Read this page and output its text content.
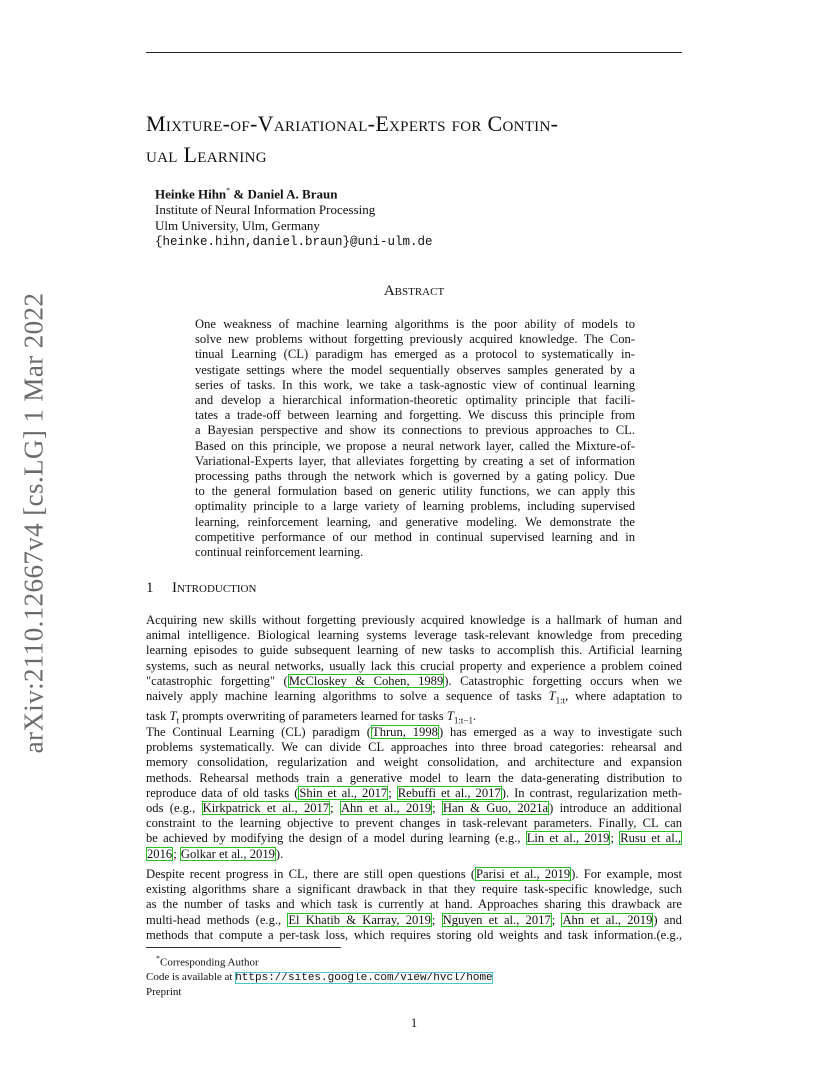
arXiv:2110.12667v4 [cs.LG] 1 Mar 2022
Mixture-of-Variational-Experts for Contin-
ual Learning
Heinke Hihn* & Daniel A. Braun
Institute of Neural Information Processing
Ulm University, Ulm, Germany
{heinke.hihn,daniel.braun}@uni-ulm.de
Abstract
One weakness of machine learning algorithms is the poor ability of models to
solve new problems without forgetting previously acquired knowledge. The Con-
tinual Learning (CL) paradigm has emerged as a protocol to systematically in-
vestigate settings where the model sequentially observes samples generated by a
series of tasks. In this work, we take a task-agnostic view of continual learning
and develop a hierarchical information-theoretic optimality principle that facili-
tates a trade-off between learning and forgetting. We discuss this principle from
a Bayesian perspective and show its connections to previous approaches to CL.
Based on this principle, we propose a neural network layer, called the Mixture-of-
Variational-Experts layer, that alleviates forgetting by creating a set of information
processing paths through the network which is governed by a gating policy. Due
to the general formulation based on generic utility functions, we can apply this
optimality principle to a large variety of learning problems, including supervised
learning, reinforcement learning, and generative modeling. We demonstrate the
competitive performance of our method in continual supervised learning and in
continual reinforcement learning.
1 Introduction
Acquiring new skills without forgetting previously acquired knowledge is a hallmark of human and
animal intelligence. Biological learning systems leverage task-relevant knowledge from preceding
learning episodes to guide subsequent learning of new tasks to accomplish this. Artificial learning
systems, such as neural networks, usually lack this crucial property and experience a problem coined
"catastrophic forgetting" (McCloskey & Cohen, 1989). Catastrophic forgetting occurs when we
naively apply machine learning algorithms to solve a sequence of tasks $T_{1:t}$, where adaptation to
task $T_t$ prompts overwriting of parameters learned for tasks $T_{1:t-1}$.
The Continual Learning (CL) paradigm (Thrun, 1998) has emerged as a way to investigate such
problems systematically. We can divide CL approaches into three broad categories: rehearsal and
memory consolidation, regularization and weight consolidation, and architecture and expansion
methods. Rehearsal methods train a generative model to learn the data-generating distribution to
reproduce data of old tasks (Shin et al., 2017; Rebuffi et al., 2017). In contrast, regularization meth-
ods (e.g., Kirkpatrick et al., 2017; Ahn et al., 2019; Han & Guo, 2021a) introduce an additional
constraint to the learning objective to prevent changes in task-relevant parameters. Finally, CL can
be achieved by modifying the design of a model during learning (e.g., Lin et al., 2019; Rusu et al.,
2016; Golkar et al., 2019).
Despite recent progress in CL, there are still open questions (Parisi et al., 2019). For example, most
existing algorithms share a significant drawback in that they require task-specific knowledge, such
as the number of tasks and which task is currently at hand. Approaches sharing this drawback are
multi-head methods (e.g., El Khatib & Karray, 2019; Nguyen et al., 2017; Ahn et al., 2019) and
methods that compute a per-task loss, which requires storing old weights and task information.(e.g.,
*Corresponding Author
Code is available at https://sites.google.com/view/hvcl/home
Preprint
1
